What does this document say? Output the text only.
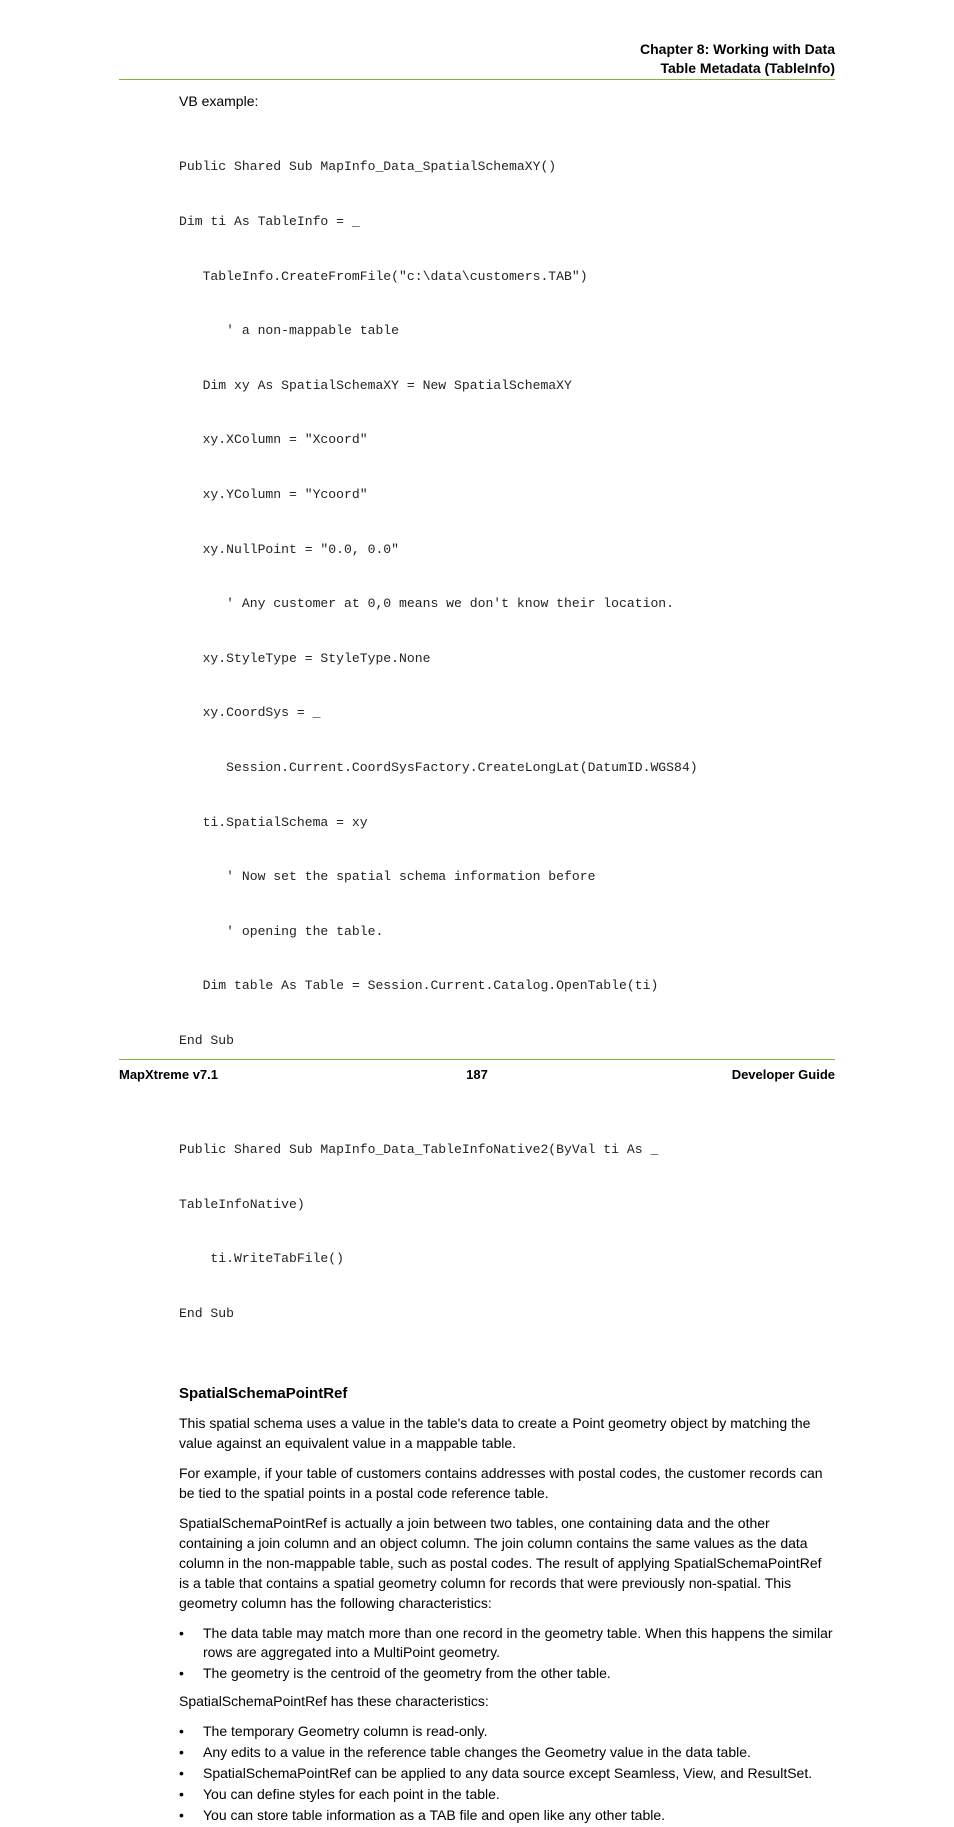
Chapter 8: Working with Data
Table Metadata (TableInfo)

VB example:

Public Shared Sub MapInfo_Data_SpatialSchemaXY()

Dim ti As TableInfo = _

TableInfo.CreateFromFile("c:\data\customers.TAB")

' a non-mappable table

Dim xy As SpatialSchemaXY = New SpatialSchemaXY

xy.XColumn = "Xcoord"

xy.YColumn = "Ycoord"

xy.NullPoint = "0.0, 0.0"

' Any customer at 0,0 means we don't know their location.

xy.StyleType = StyleType.None

xy.CoordSys = _

Session.Current.CoordSysFactory.CreateLongLat(DatumID.WGS84)

ti.SpatialSchema = xy

' Now set the spatial schema information before

' opening the table.

Dim table As Table = Session.Current.Catalog.OpenTable(ti)

End Sub

Public Shared Sub MapInfo_Data_TableInfoNative2(ByVal ti As _

TableInfoNative)

ti.WriteTabFile()

End Sub

SpatialSchemaPointRef

This spatial schema uses a value in the table's data to create a Point geometry object by matching the value against an equivalent value in a mappable table.

For example, if your table of customers contains addresses with postal codes, the customer records can be tied to the spatial points in a postal code reference table.

SpatialSchemaPointRef is actually a join between two tables, one containing data and the other containing a join column and an object column. The join column contains the same values as the data column in the non-mappable table, such as postal codes. The result of applying SpatialSchemaPointRef is a table that contains a spatial geometry column for records that were previously non-spatial. This geometry column has the following characteristics:

• The data table may match more than one record in the geometry table. When this happens the similar rows are aggregated into a MultiPoint geometry.
• The geometry is the centroid of the geometry from the other table.

SpatialSchemaPointRef has these characteristics:

• The temporary Geometry column is read-only.
• Any edits to a value in the reference table changes the Geometry value in the data table.
• SpatialSchemaPointRef can be applied to any data source except Seamless, View, and ResultSet.
• You can define styles for each point in the table.
• You can store table information as a TAB file and open like any other table.
MapXtreme v7.1	187	Developer Guide
